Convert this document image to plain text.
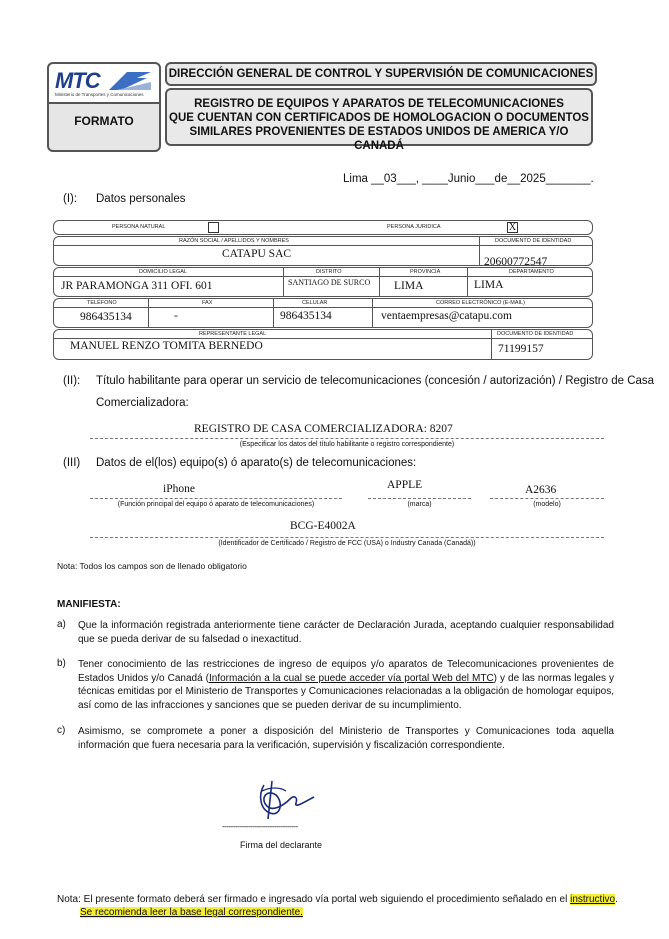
MTC
Ministerio de Transportes y Comunicaciones
FORMATO
DIRECCIÓN GENERAL DE CONTROL Y SUPERVISIÓN DE COMUNICACIONES
REGISTRO DE EQUIPOS Y APARATOS DE TELECOMUNICACIONES
QUE CUENTAN CON CERTIFICADOS DE HOMOLOGACION O DOCUMENTOS
SIMILARES PROVENIENTES DE ESTADOS UNIDOS DE AMERICA Y/O CANADÁ
Lima __03___, ____Junio___de__2025_______.
(I): Datos personales
PERSONA NATURAL	PERSONA JURIDICA	X
RAZÓN SOCIAL / APELLIDOS Y NOMBRES
CATAPU SAC
DOCUMENTO DE IDENTIDAD
20600772547
DOMICILIO LEGAL
JR PARAMONGA 311 OFI. 601
DISTRITO
SANTIAGO DE SURCO
PROVINCIA
LIMA
DEPARTAMENTO
LIMA
TELÉFONO
986435134
FAX
-
CELULAR
986435134
CORREO ELECTRÓNICO (E-MAIL)
ventaempresas@catapu.com
REPRESENTANTE LEGAL
MANUEL RENZO TOMITA BERNEDO
DOCUMENTO DE IDENTIDAD
71199157
(II): Título habilitante para operar un servicio de telecomunicaciones (concesión / autorización) / Registro de Casa
Comercializadora:
REGISTRO DE CASA COMERCIALIZADORA: 8207
(Especificar los datos del título habilitante o registro correspondiente)
(III) Datos de el(los) equipo(s) ó aparato(s) de telecomunicaciones:
iPhone
(Función principal del equipo ó aparato de telecomunicaciones)
APPLE
(marca)
A2636
(modelo)
BCG-E4002A
(Identificador de Certificado / Registro de FCC (USA) o Industry Canada (Canadá))
Nota: Todos los campos son de llenado obligatorio
MANIFIESTA:
a) Que la información registrada anteriormente tiene carácter de Declaración Jurada, aceptando cualquier responsabilidad que se pueda derivar de su falsedad o inexactitud.
b) Tener conocimiento de las restricciones de ingreso de equipos y/o aparatos de Telecomunicaciones provenientes de Estados Unidos y/o Canadá (Información a la cual se puede acceder vía portal Web del MTC) y de las normas legales y técnicas emitidas por el Ministerio de Transportes y Comunicaciones relacionadas a la obligación de homologar equipos, así como de las infracciones y sanciones que se pueden derivar de su incumplimiento.
c) Asimismo, se compromete a poner a disposición del Ministerio de Transportes y Comunicaciones toda aquella información que fuera necesaria para la verificación, supervisión y fiscalización correspondiente.
-----------------------------------
Firma del declarante
Nota: El presente formato deberá ser firmado e ingresado vía portal web siguiendo el procedimiento señalado en el instructivo.
Se recomienda leer la base legal correspondiente.
